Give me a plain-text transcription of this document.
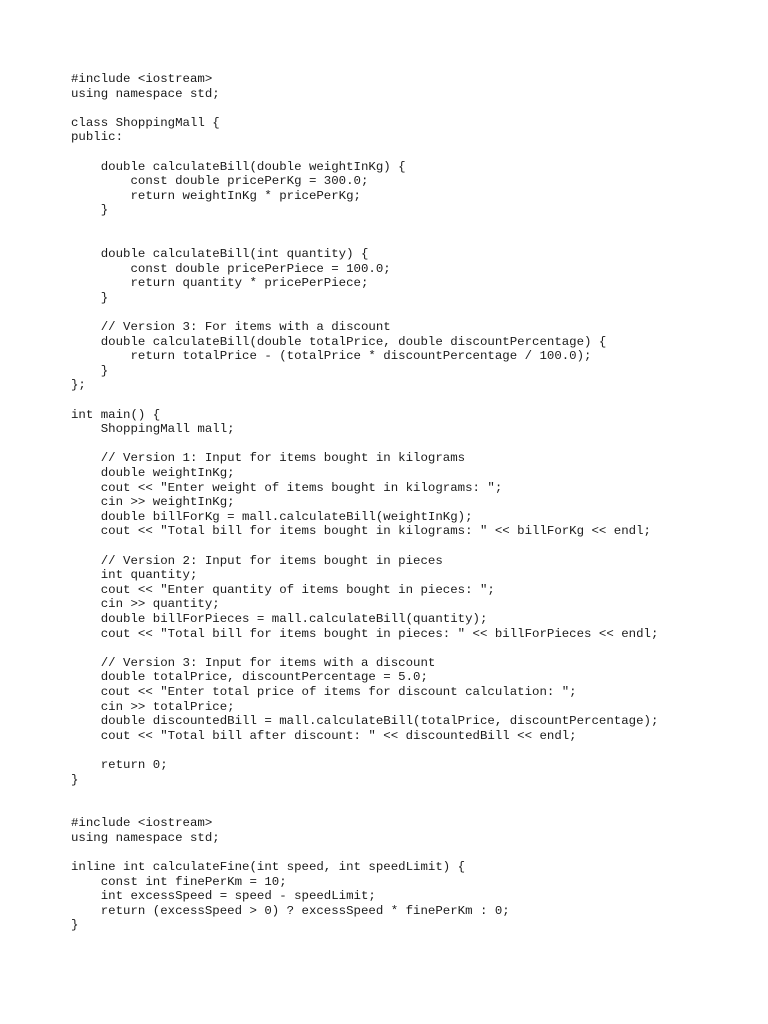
#include <iostream>
using namespace std;
class ShoppingMall {
public:
double calculateBill(double weightInKg) {
const double pricePerKg = 300.0;
return weightInKg * pricePerKg;
}
double calculateBill(int quantity) {
const double pricePerPiece = 100.0;
return quantity * pricePerPiece;
}
// Version 3: For items with a discount
double calculateBill(double totalPrice, double discountPercentage) {
return totalPrice - (totalPrice * discountPercentage / 100.0);
}
};
int main() {
ShoppingMall mall;
// Version 1: Input for items bought in kilograms
double weightInKg;
cout << "Enter weight of items bought in kilograms: ";
cin >> weightInKg;
double billForKg = mall.calculateBill(weightInKg);
cout << "Total bill for items bought in kilograms: " << billForKg << endl;
// Version 2: Input for items bought in pieces
int quantity;
cout << "Enter quantity of items bought in pieces: ";
cin >> quantity;
double billForPieces = mall.calculateBill(quantity);
cout << "Total bill for items bought in pieces: " << billForPieces << endl;
// Version 3: Input for items with a discount
double totalPrice, discountPercentage = 5.0;
cout << "Enter total price of items for discount calculation: ";
cin >> totalPrice;
double discountedBill = mall.calculateBill(totalPrice, discountPercentage);
cout << "Total bill after discount: " << discountedBill << endl;
return 0;
}
#include <iostream>
using namespace std;
inline int calculateFine(int speed, int speedLimit) {
const int finePerKm = 10;
int excessSpeed = speed - speedLimit;
return (excessSpeed > 0) ? excessSpeed * finePerKm : 0;
}
